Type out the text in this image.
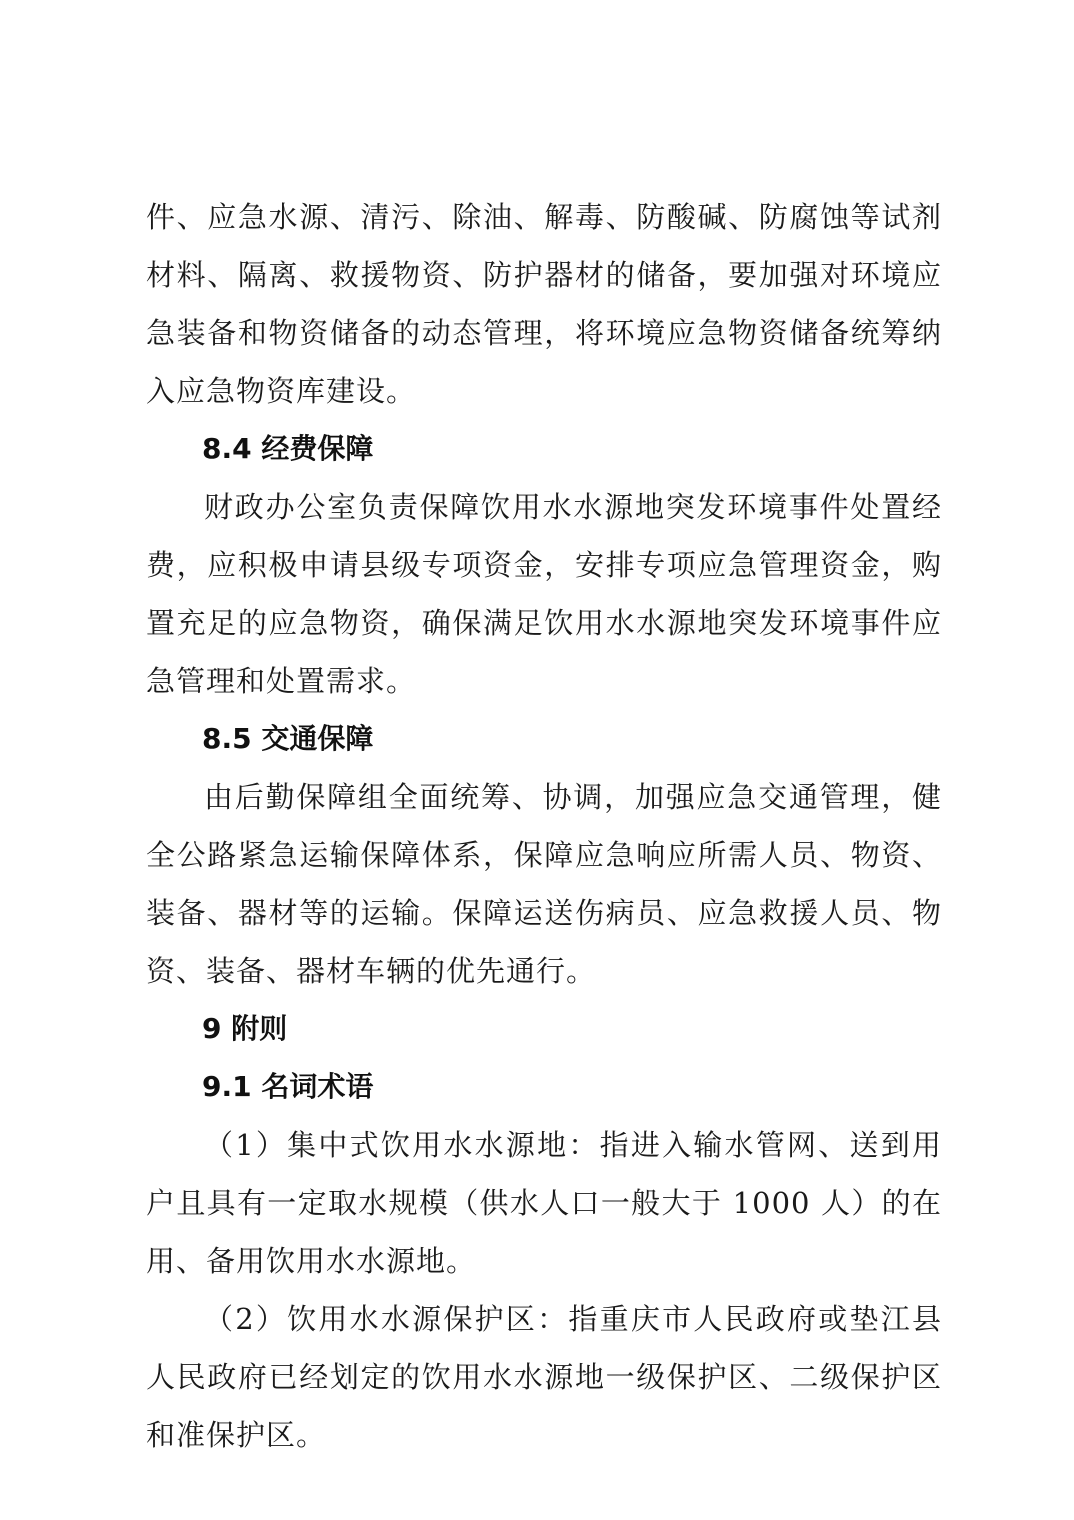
件、应急水源、清污、除油、解毒、防酸碱、防腐蚀等试剂材料、隔离、救援物资、防护器材的储备，要加强对环境应急装备和物资储备的动态管理，将环境应急物资储备统筹纳入应急物资库建设。

8.4 经费保障

财政办公室负责保障饮用水水源地突发环境事件处置经费，应积极申请县级专项资金，安排专项应急管理资金，购置充足的应急物资，确保满足饮用水水源地突发环境事件应急管理和处置需求。

8.5 交通保障

由后勤保障组全面统筹、协调，加强应急交通管理，健全公路紧急运输保障体系，保障应急响应所需人员、物资、装备、器材等的运输。保障运送伤病员、应急救援人员、物资、装备、器材车辆的优先通行。

9 附则
9.1 名词术语

（1）集中式饮用水水源地：指进入输水管网、送到用户且具有一定取水规模（供水人口一般大于 1000 人）的在用、备用饮用水水源地。

（2）饮用水水源保护区：指重庆市人民政府或垫江县人民政府已经划定的饮用水水源地一级保护区、二级保护区和准保护区。
